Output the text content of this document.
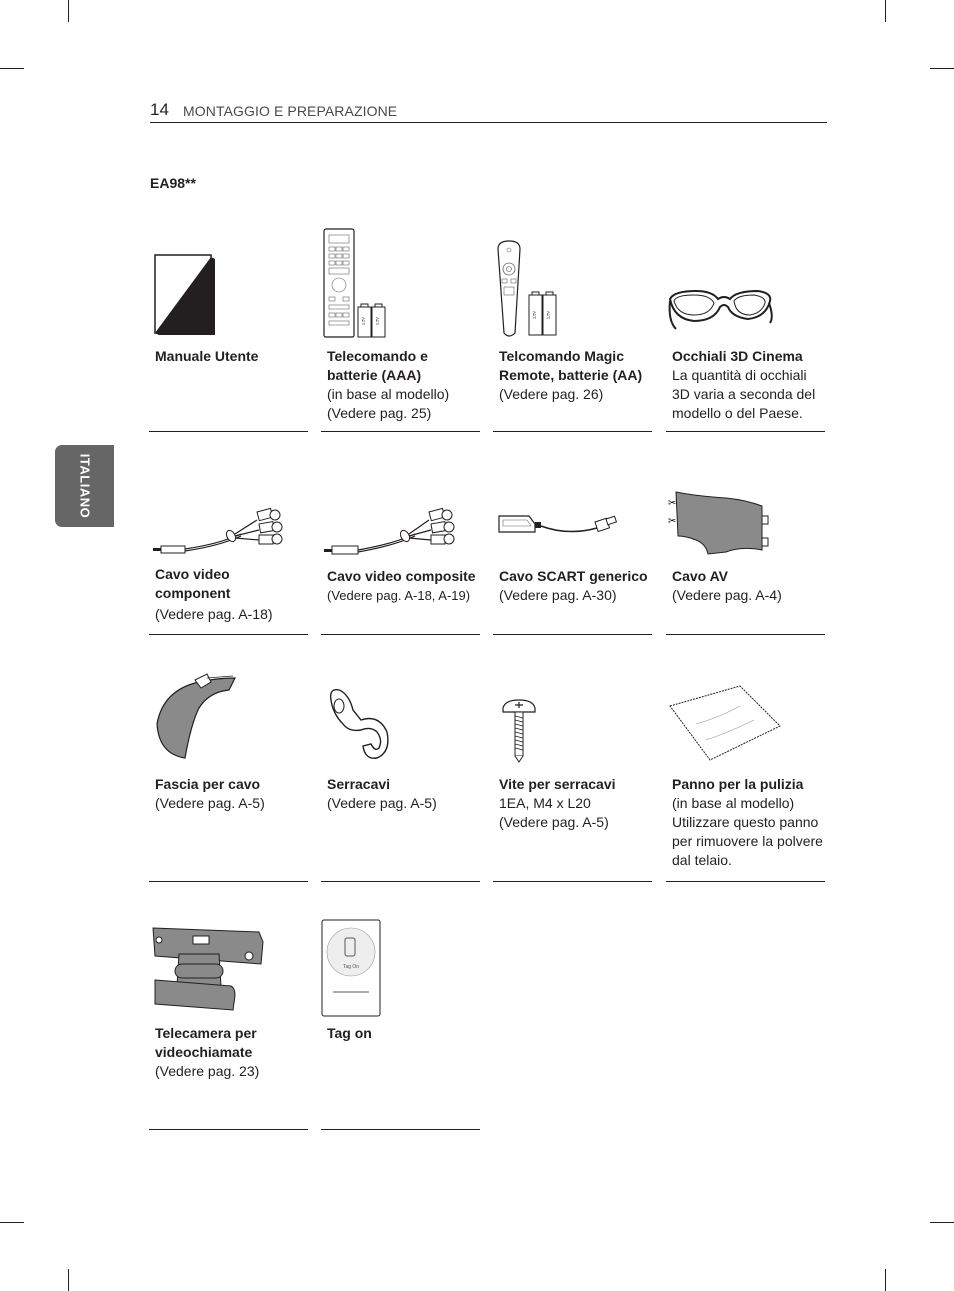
14 MONTAGGIO E PREPARAZIONE
EA98**
ITALIANO
Manuale Utente
1,5V 1,5V
Telecomando e batterie (AAA)
(in base al modello)
(Vedere pag. 25)
1,5V 1,5V
Telcomando Magic Remote, batterie (AA)
(Vedere pag. 26)
Occhiali 3D Cinema
La quantità di occhiali 3D varia a seconda del modello o del Paese.
Cavo video component
(Vedere pag. A-18)
Cavo video composite
(Vedere pag. A-18, A-19)
Cavo SCART generico
(Vedere pag. A-30)
✂
✂
Cavo AV
(Vedere pag. A-4)
Fascia per cavo
(Vedere pag. A-5)
Serracavi
(Vedere pag. A-5)
Vite per serracavi
1EA, M4 x L20
(Vedere pag. A-5)
Panno per la pulizia
(in base al modello)
Utilizzare questo panno per rimuovere la polvere dal telaio.
Telecamera per videochiamate
(Vedere pag. 23)
Tag On
Tag on
